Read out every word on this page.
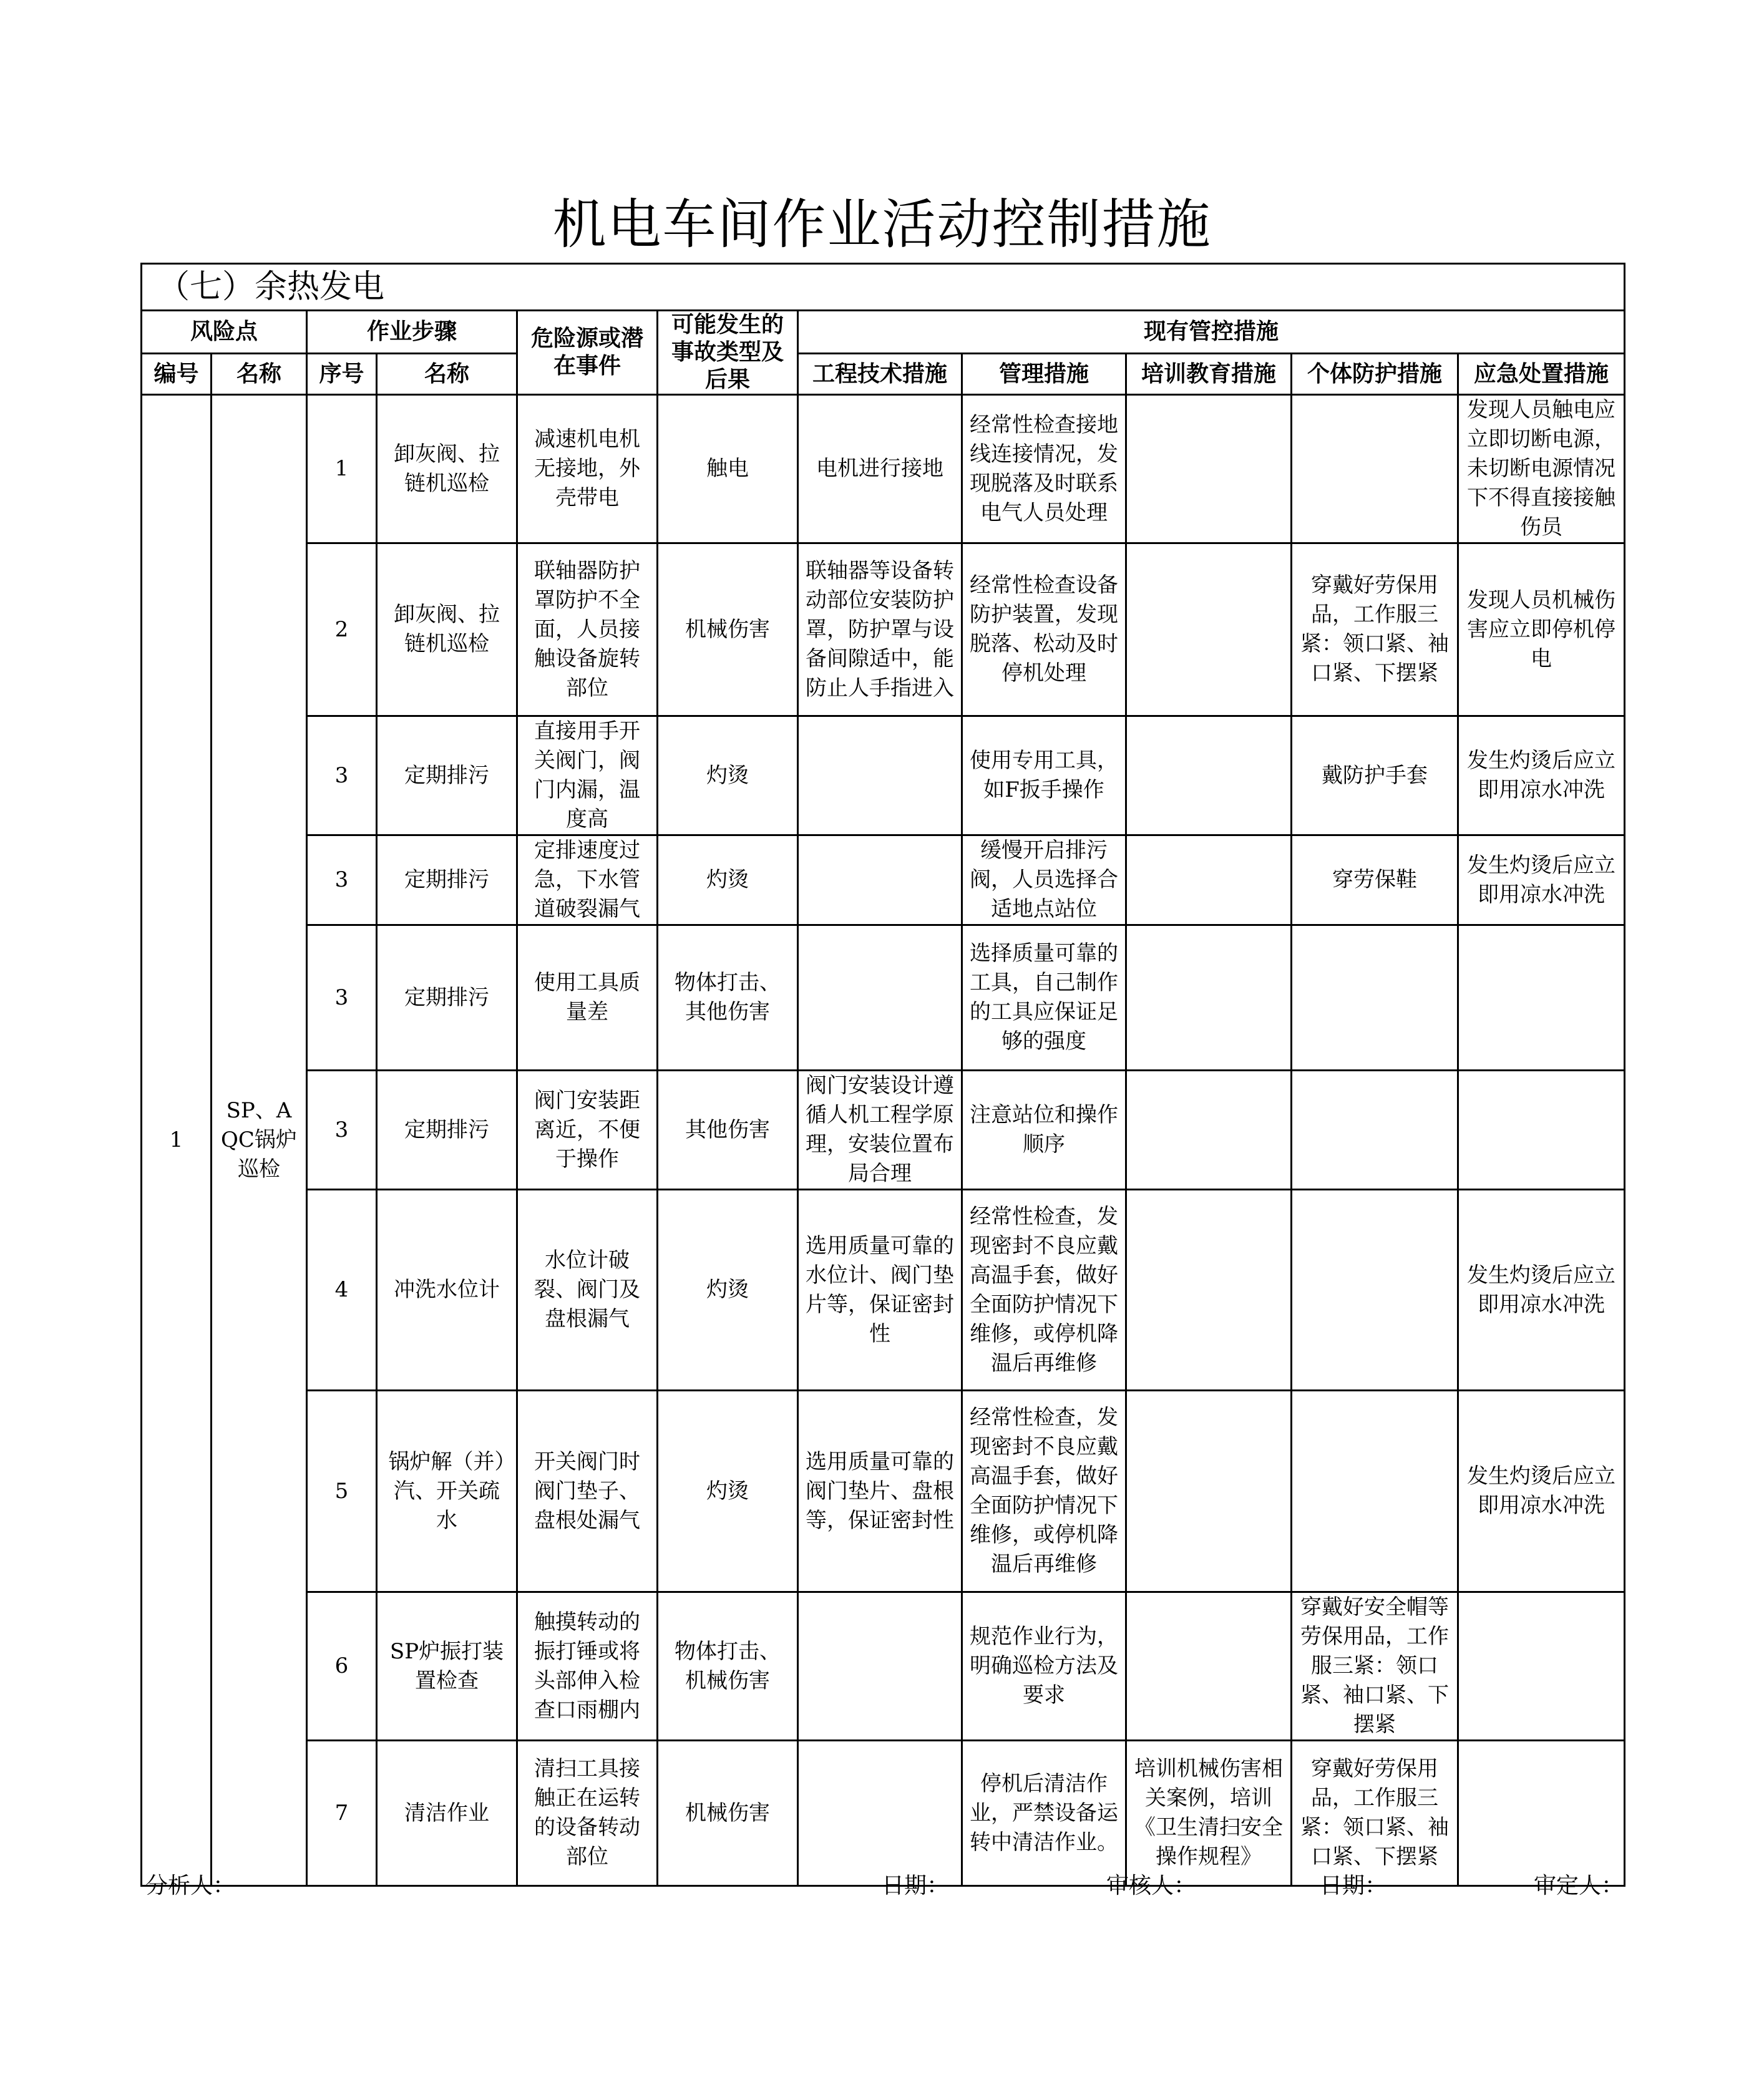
机电车间作业活动控制措施
（七）余热发电										
风险点		作业步骤		危险源或潜在事件	可能发生的事故类型及后果	现有管控措施				
编号	名称	序号	名称			工程技术措施	管理措施	培训教育措施	个体防护措施	应急处置措施
1	SP、AQC锅炉巡检	1	卸灰阀、拉链机巡检	减速机电机无接地，外壳带电	触电	电机进行接地	经常性检查接地线连接情况，发现脱落及时联系电气人员处理			发现人员触电应立即切断电源，未切断电源情况下不得直接接触伤员
		2	卸灰阀、拉链机巡检	联轴器防护罩防护不全面，人员接触设备旋转部位	机械伤害	联轴器等设备转动部位安装防护罩，防护罩与设备间隙适中，能防止人手指进入	经常性检查设备防护装置，发现脱落、松动及时停机处理		穿戴好劳保用品，工作服三紧：领口紧、袖口紧、下摆紧	发现人员机械伤害应立即停机停电
		3	定期排污	直接用手开关阀门，阀门内漏，温度高	灼烫		使用专用工具，如F扳手操作		戴防护手套	发生灼烫后应立即用凉水冲洗
		3	定期排污	定排速度过急，下水管道破裂漏气	灼烫		缓慢开启排污阀，人员选择合适地点站位		穿劳保鞋	发生灼烫后应立即用凉水冲洗
		3	定期排污	使用工具质量差	物体打击、其他伤害		选择质量可靠的工具，自己制作的工具应保证足够的强度			
		3	定期排污	阀门安装距离近，不便于操作	其他伤害	阀门安装设计遵循人机工程学原理，安装位置布局合理	注意站位和操作顺序			
		4	冲洗水位计	水位计破裂、阀门及盘根漏气	灼烫	选用质量可靠的水位计、阀门垫片等，保证密封性	经常性检查，发现密封不良应戴高温手套，做好全面防护情况下维修，或停机降温后再维修			发生灼烫后应立即用凉水冲洗
		5	锅炉解（并）汽、开关疏水	开关阀门时阀门垫子、盘根处漏气	灼烫	选用质量可靠的阀门垫片、盘根等，保证密封性	经常性检查，发现密封不良应戴高温手套，做好全面防护情况下维修，或停机降温后再维修			发生灼烫后应立即用凉水冲洗
		6	SP炉振打装置检查	触摸转动的振打锤或将头部伸入检查口雨棚内	物体打击、机械伤害		规范作业行为，明确巡检方法及要求		穿戴好安全帽等劳保用品，工作服三紧：领口紧、袖口紧、下摆紧	
		7	清洁作业	清扫工具接触正在运转的设备转动部位	机械伤害		停机后清洁作业，严禁设备运转中清洁作业。	培训机械伤害相关案例，培训《卫生清扫安全操作规程》	穿戴好劳保用品，工作服三紧：领口紧、袖口紧、下摆紧	
分析人：	日期：	审核人：	日期：	审定人：
